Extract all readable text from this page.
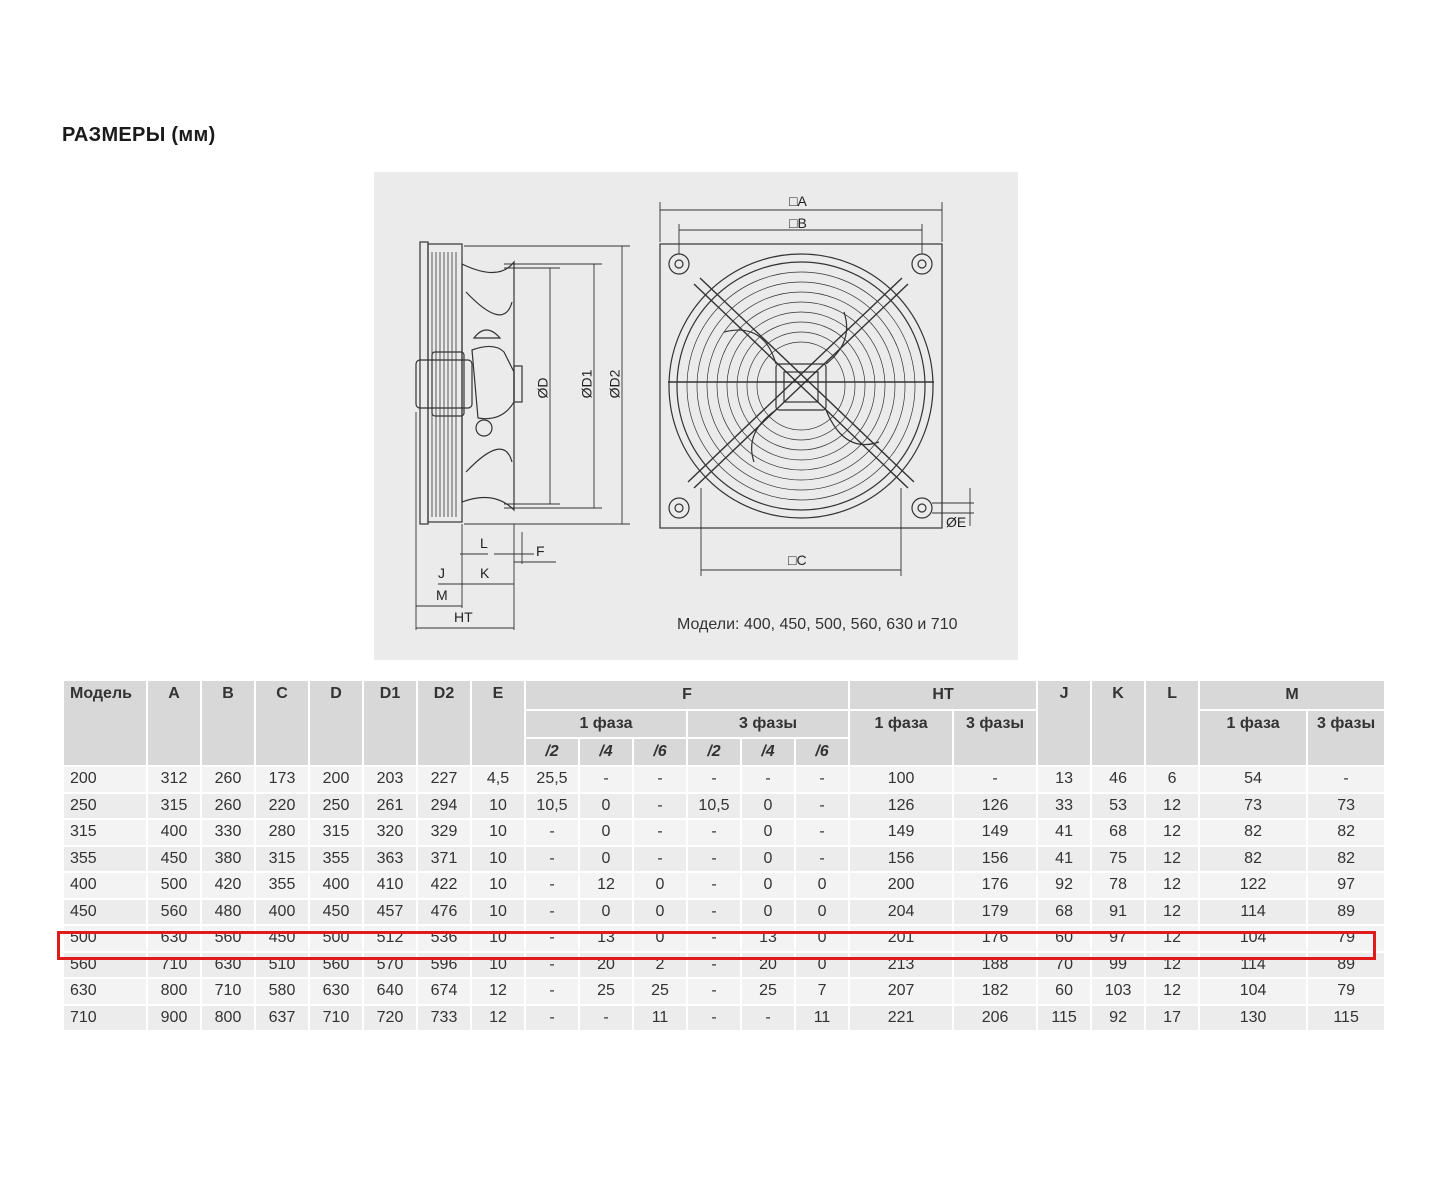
РАЗМЕРЫ (мм)
ØD ØD1 ØD2
L	F
J	K
M
HT
□A
□B
□C
ØE
Модели: 400, 450, 500, 560, 630 и 710
Модель	A	B	C	D	D1	D2	E	F						HT		J	K	L	M	
								1 фаза			3 фазы			1 фаза	3 фазы				1 фаза	3 фазы
								/2	/4	/6	/2	/4	/6							
200	312	260	173	200	203	227	4,5	25,5	-	-	-	-	-	100	-	13	46	6	54	-
250	315	260	220	250	261	294	10	10,5	0	-	10,5	0	-	126	126	33	53	12	73	73
315	400	330	280	315	320	329	10	-	0	-	-	0	-	149	149	41	68	12	82	82
355	450	380	315	355	363	371	10	-	0	-	-	0	-	156	156	41	75	12	82	82
400	500	420	355	400	410	422	10	-	12	0	-	0	0	200	176	92	78	12	122	97
450	560	480	400	450	457	476	10	-	0	0	-	0	0	204	179	68	91	12	114	89
500	630	560	450	500	512	536	10	-	13	0	-	13	0	201	176	60	97	12	104	79
560	710	630	510	560	570	596	10	-	20	2	-	20	0	213	188	70	99	12	114	89
630	800	710	580	630	640	674	12	-	25	25	-	25	7	207	182	60	103	12	104	79
710	900	800	637	710	720	733	12	-	-	11	-	-	11	221	206	115	92	17	130	115
